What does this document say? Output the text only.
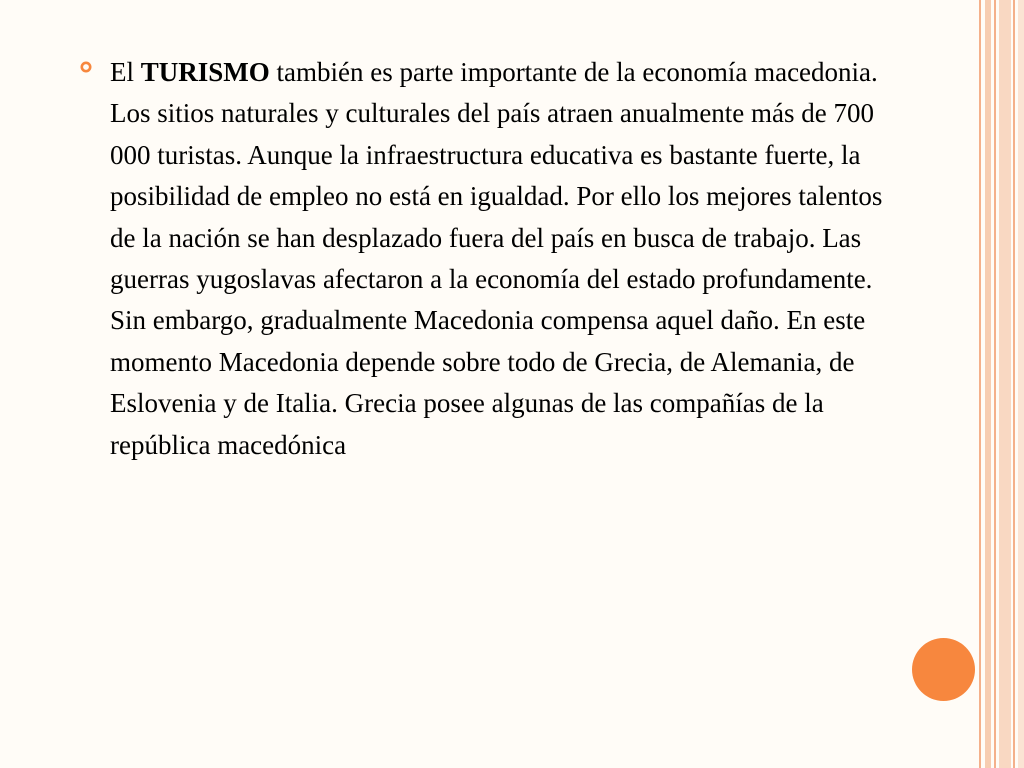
El TURISMO también es parte importante de la economía macedonia. Los sitios naturales y culturales del país atraen anualmente más de 700 000 turistas. Aunque la infraestructura educativa es bastante fuerte, la posibilidad de empleo no está en igualdad. Por ello los mejores talentos de la nación se han desplazado fuera del país en busca de trabajo. Las guerras yugoslavas afectaron a la economía del estado profundamente. Sin embargo, gradualmente Macedonia compensa aquel daño. En este momento Macedonia depende sobre todo de Grecia, de Alemania, de Eslovenia y de Italia. Grecia posee algunas de las compañías de la república macedónica
